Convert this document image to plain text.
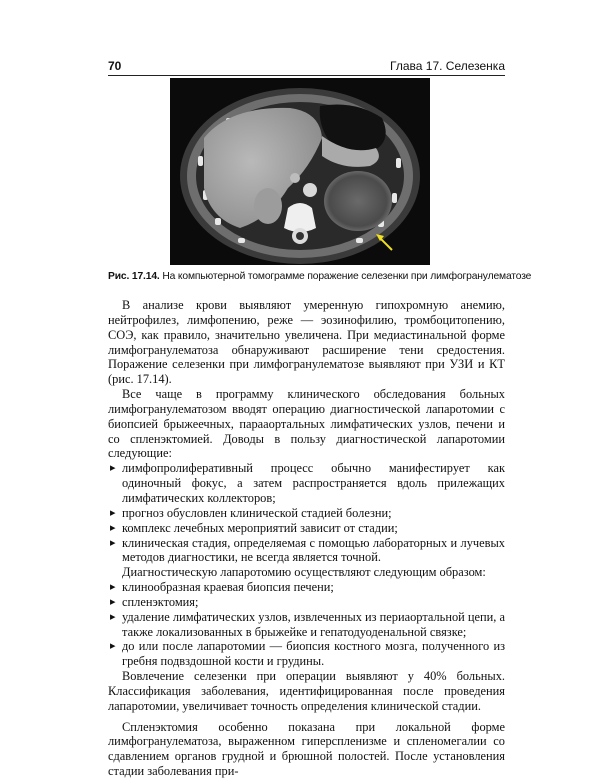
70	Глава 17. Селезенка
Рис. 17.14. На компьютерной томограмме поражение селезенки при лимфогранулематозе

В анализе крови выявляют умеренную гипохромную анемию, нейтрофилез, лимфопению, реже — эозинофилию, тромбоцитопению, СОЭ, как правило, значительно увеличена. При медиастинальной форме лимфогранулематоза обнаруживают расширение тени средостения. Поражение селезенки при лимфогранулематозе выявляют при УЗИ и КТ (рис. 17.14).

Все чаще в программу клинического обследования больных лимфогранулематозом вводят операцию диагностической лапаротомии с биопсией брыжеечных, парааортальных лимфатических узлов, печени и со спленэктомией. Доводы в пользу диагностической лапаротомии следующие:

▸ лимфопролиферативный процесс обычно манифестирует как одиночный фокус, а затем распространяется вдоль прилежащих лимфатических коллекторов;
▸ прогноз обусловлен клинической стадией болезни;
▸ комплекс лечебных мероприятий зависит от стадии;
▸ клиническая стадия, определяемая с помощью лабораторных и лучевых методов диагностики, не всегда является точной.

Диагностическую лапаротомию осуществляют следующим образом:

▸ клинообразная краевая биопсия печени;
▸ спленэктомия;
▸ удаление лимфатических узлов, извлеченных из периаортальной цепи, а также локализованных в брыжейке и гепатодуоденальной связке;
▸ до или после лапаротомии — биопсия костного мозга, полученного из гребня подвздошной кости и грудины.

Вовлечение селезенки при операции выявляют у 40% больных. Классификация заболевания, идентифицированная после проведения лапаротомии, увеличивает точность определения клинической стадии.

Спленэктомия особенно показана при локальной форме лимфогранулематоза, выраженном гиперспленизме и спленомегалии со сдавлением органов грудной и брюшной полостей. После установления стадии заболевания при-
